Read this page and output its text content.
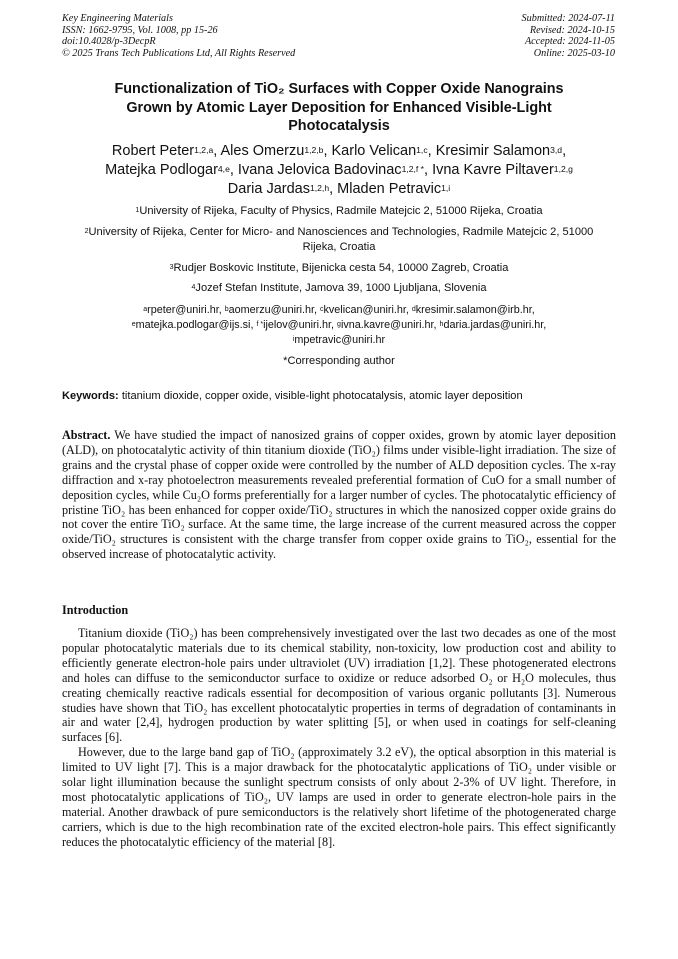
Key Engineering Materials
ISSN: 1662-9795, Vol. 1008, pp 15-26
doi:10.4028/p-3DecpR
© 2025 Trans Tech Publications Ltd, All Rights Reserved
Submitted: 2024-07-11
Revised: 2024-10-15
Accepted: 2024-11-05
Online: 2025-03-10
Functionalization of TiO₂ Surfaces with Copper Oxide Nanograins
Grown by Atomic Layer Deposition for Enhanced Visible-Light
Photocatalysis
Robert Peter$^{1,2,a}$, Ales Omerzu$^{1,2,b}$, Karlo Velican$^{1,c}$, Kresimir Salamon$^{3,d}$,
Matejka Podlogar$^{4,e}$, Ivana Jelovica Badovinac$^{1,2,f *}$, Ivna Kavre Piltaver$^{1,2,g}$
Daria Jardas$^{1,2,h}$, Mladen Petravic$^{1,i}$
$^1$University of Rijeka, Faculty of Physics, Radmile Matejcic 2, 51000 Rijeka, Croatia
$^2$University of Rijeka, Center for Micro- and Nanosciences and Technologies, Radmile Matejcic 2, 51000 Rijeka, Croatia
$^3$Rudjer Boskovic Institute, Bijenicka cesta 54, 10000 Zagreb, Croatia
$^4$Jozef Stefan Institute, Jamova 39, 1000 Ljubljana, Slovenia
$^a$rpeter@uniri.hr, $^b$aomerzu@uniri.hr, $^c$kvelican@uniri.hr, $^d$kresimir.salamon@irb.hr,
$^e$matejka.podlogar@ijs.si, $^{f *}$ijelov@uniri.hr, $^g$ivna.kavre@uniri.hr, $^h$daria.jardas@uniri.hr,
$^i$mpetravic@uniri.hr
*Corresponding author
Keywords: titanium dioxide, copper oxide, visible-light photocatalysis, atomic layer deposition
Abstract. We have studied the impact of nanosized grains of copper oxides, grown by atomic layer deposition (ALD), on photocatalytic activity of thin titanium dioxide (TiO₂) films under visible-light irradiation. The size of grains and the crystal phase of copper oxide were controlled by the number of ALD deposition cycles. The x-ray diffraction and x-ray photoelectron measurements revealed preferential formation of CuO for a small number of deposition cycles, while Cu₂O forms preferentially for a larger number of cycles. The photocatalytic efficiency of pristine TiO₂ has been enhanced for copper oxide/TiO₂ structures in which the nanosized copper oxide grains do not cover the entire TiO₂ surface. At the same time, the large increase of the current measured across the copper oxide/TiO₂ structures is consistent with the charge transfer from copper oxide grains to TiO₂, essential for the observed increase of photocatalytic activity.
Introduction

Titanium dioxide (TiO₂) has been comprehensively investigated over the last two decades as one of the most popular photocatalytic materials due to its chemical stability, non-toxicity, low production cost and ability to efficiently generate electron-hole pairs under ultraviolet (UV) irradiation [1,2]. These photogenerated electrons and holes can diffuse to the semiconductor surface to oxidize or reduce adsorbed O₂ or H₂O molecules, thus creating chemically reactive radicals essential for decomposition of various organic pollutants [3]. Numerous studies have shown that TiO₂ has excellent photocatalytic properties in terms of degradation of contaminants in air and water [2,4], hydrogen production by water splitting [5], or when used in coatings for self-cleaning surfaces [6].

However, due to the large band gap of TiO₂ (approximately 3.2 eV), the optical absorption in this material is limited to UV light [7]. This is a major drawback for the photocatalytic applications of TiO₂ under visible or solar light illumination because the sunlight spectrum consists of only about 2-3% of UV light. Therefore, in most photocatalytic applications of TiO₂, UV lamps are used in order to generate electron-hole pairs in the material. Another drawback of pure semiconductors is the relatively short lifetime of the photogenerated charge carriers, which is due to the high recombination rate of the excited electron-hole pairs. This effect significantly reduces the photocatalytic efficiency of the material [8].
